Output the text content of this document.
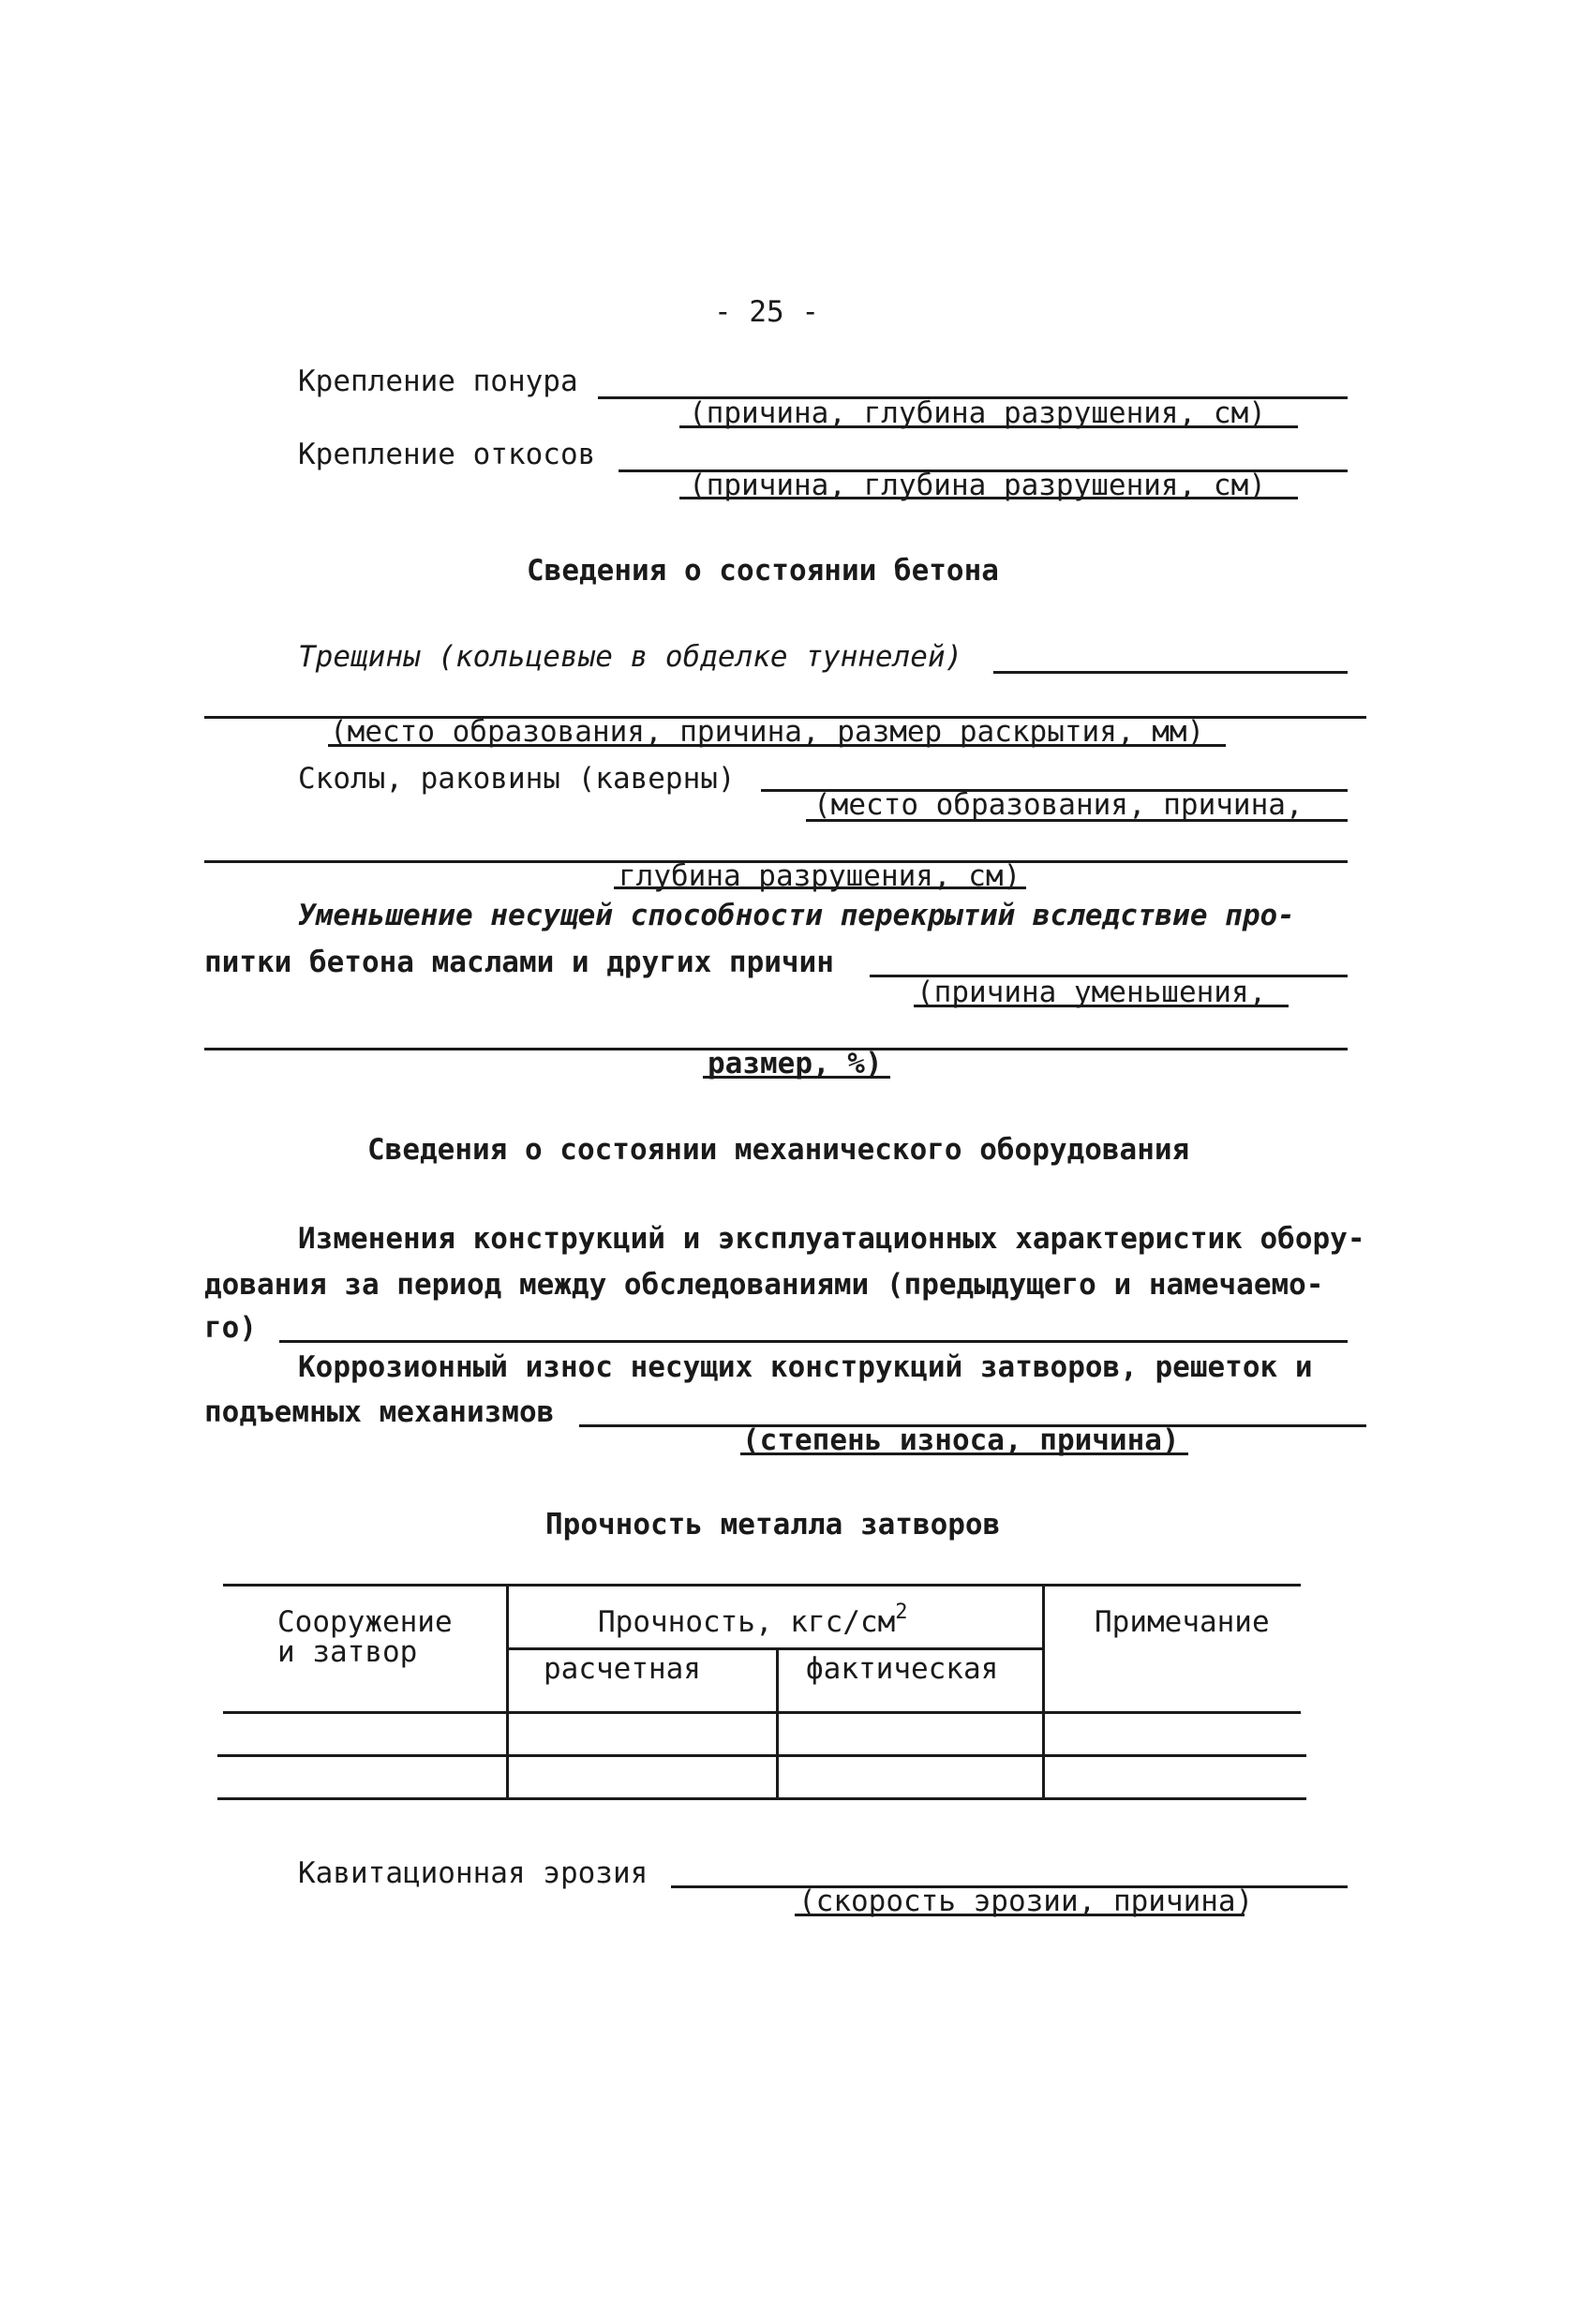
- 25 -
Крепление понура
(причина, глубина разрушения, см)
Крепление откосов
(причина, глубина разрушения, см)
Сведения о состоянии бетона
Трещины (кольцевые в обделке туннелей)
(место образования, причина, размер раскрытия, мм)
Сколы, раковины (каверны)
(место образования, причина,
глубина разрушения, см)
Уменьшение несущей способности перекрытий вследствие про-
питки бетона маслами и других причин
(причина уменьшения,
размер, %)
Сведения о состоянии механического оборудования
Изменения конструкций и эксплуатационных характеристик обору-
дования за период между обследованиями (предыдущего и намечаемо-
го)
Коррозионный износ несущих конструкций затворов, решеток и
подъемных механизмов
(степень износа, причина)
Прочность металла затворов
Сооружение
и затвор
Прочность, кгс/$см^2$
расчетная	фактическая
Примечание
Кавитационная эрозия
(скорость эрозии, причина)
